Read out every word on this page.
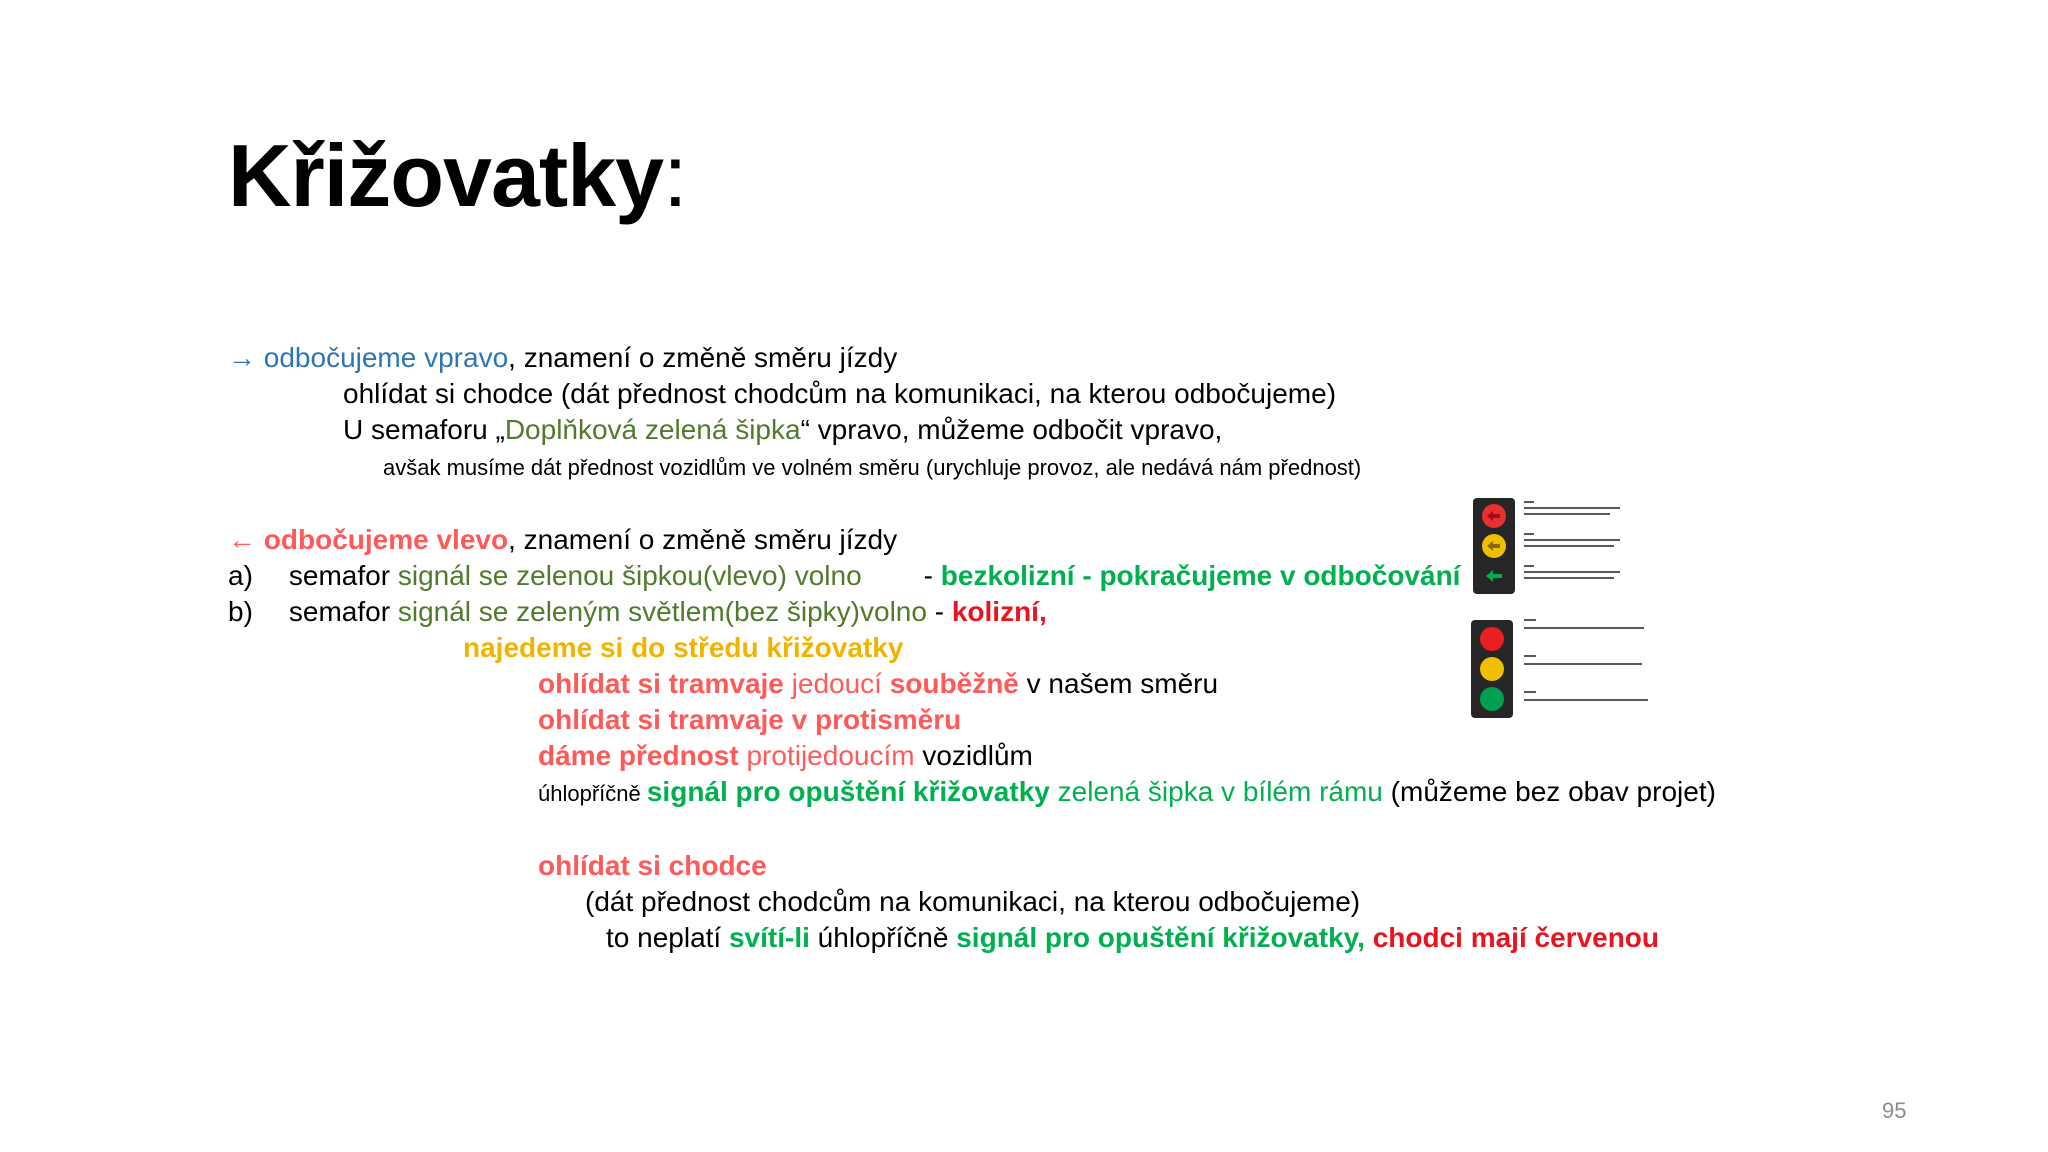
Křižovatky:
→ odbočujeme vpravo, znamení o změně směru jízdy
ohlídat si chodce (dát přednost chodcům na komunikaci, na kterou odbočujeme)
U semaforu „Doplňková zelená šipka“ vpravo, můžeme odbočit vpravo,
avšak musíme dát přednost vozidlům ve volném směru (urychluje provoz, ale nedává nám přednost)
← odbočujeme vlevo, znamení o změně směru jízdy
a) semafor signál se zelenou šipkou(vlevo) volno - bezkolizní - pokračujeme v odbočování
b) semafor signál se zeleným světlem(bez šipky)volno - kolizní,
najedeme si do středu křižovatky
ohlídat si tramvaje jedoucí souběžně v našem směru
ohlídat si tramvaje v protisměru
dáme přednost protijedoucím vozidlům
úhlopříčně signál pro opuštění křižovatky zelená šipka v bílém rámu (můžeme bez obav projet)
ohlídat si chodce
(dát přednost chodcům na komunikaci, na kterou odbočujeme)
to neplatí svítí-li úhlopříčně signál pro opuštění křižovatky, chodci mají červenou
95
